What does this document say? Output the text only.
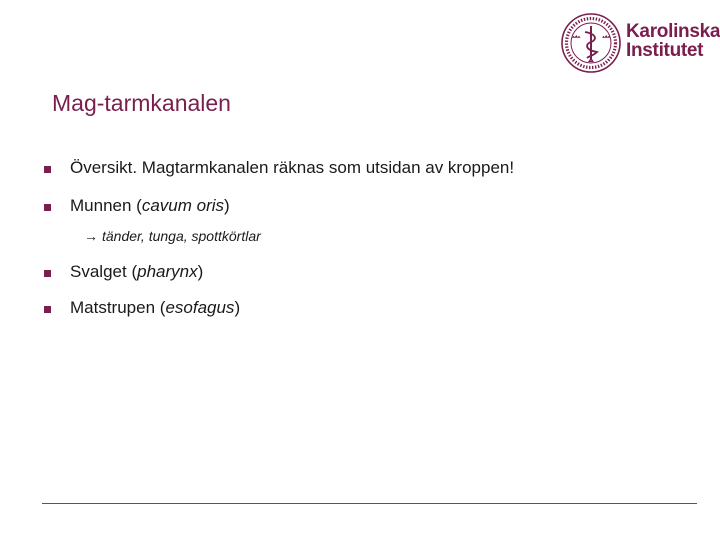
Karolinska
Institutet
Mag-tarmkanalen
Översikt. Magtarmkanalen räknas som utsidan av kroppen!
Munnen (cavum oris)
→ tänder, tunga, spottkörtlar
Svalget (pharynx)
Matstrupen (esofagus)
